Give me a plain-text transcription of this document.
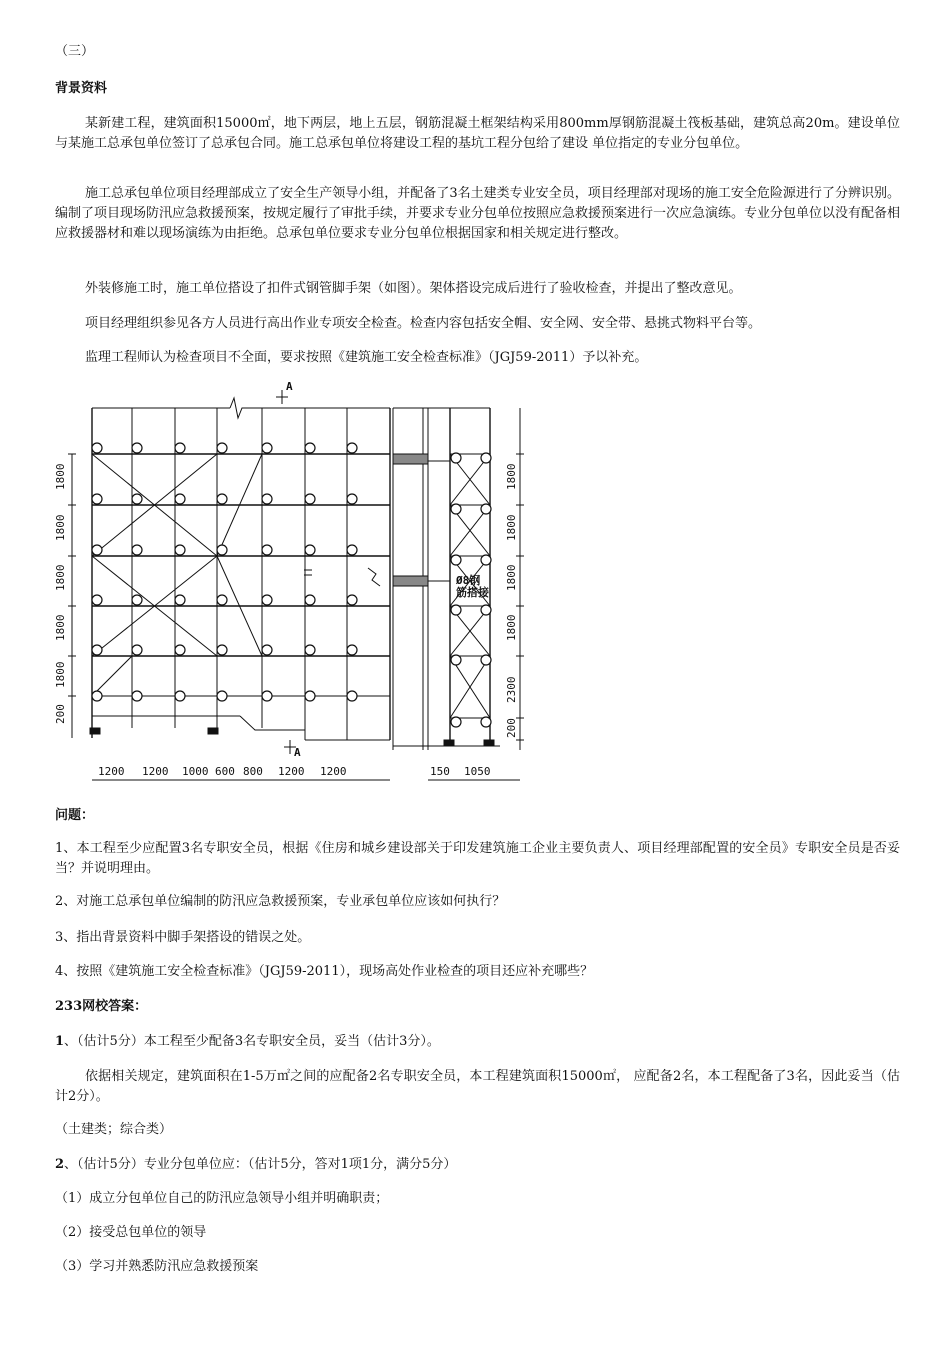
（三）
背景资料
某新建工程，建筑面积15000㎡，地下两层，地上五层，钢筋混凝土框架结构采用800mm厚钢筋混凝土筏板基础，建筑总高20m。建设单位与某施工总承包单位签订了总承包合同。施工总承包单位将建设工程的基坑工程分包给了建设 单位指定的专业分包单位。
施工总承包单位项目经理部成立了安全生产领导小组，并配备了3名土建类专业安全员，项目经理部对现场的施工安全危险源进行了分辨识别。编制了项目现场防汛应急救援预案，按规定履行了审批手续，并要求专业分包单位按照应急救援预案进行一次应急演练。专业分包单位以没有配备相应救援器材和难以现场演练为由拒绝。总承包单位要求专业分包单位根据国家和相关规定进行整改。
外装修施工时，施工单位搭设了扣件式钢管脚手架（如图）。架体搭设完成后进行了验收检查，并提出了整改意见。
项目经理组织参见各方人员进行高出作业专项安全检查。检查内容包括安全帽、安全网、安全带、悬挑式物料平台等。
监理工程师认为检查项目不全面，要求按照《建筑施工安全检查标准》（JGJ59-2011）予以补充。
A
A
1800
1800
1800
1800
1800
200
1200 1200 1000 600 800 1200 1200
1800
1800
1800
1800
2300
200
150 1050
Ø8钢
筋搭接
问题：
1、本工程至少应配置3名专职安全员，根据《住房和城乡建设部关于印发建筑施工企业主要负责人、项目经理部配置的安全员》专职安全员是否妥当？并说明理由。
2、对施工总承包单位编制的防汛应急救援预案，专业承包单位应该如何执行？
3、指出背景资料中脚手架搭设的错误之处。
4、按照《建筑施工安全检查标准》（JGJ59-2011），现场高处作业检查的项目还应补充哪些？
233网校答案：
1、（估计5分）本工程至少配备3名专职安全员，妥当（估计3分）。
依据相关规定，建筑面积在1-5万㎡之间的应配备2名专职安全员，本工程建筑面积15000㎡， 应配备2名，本工程配备了3名，因此妥当（估计2分）。
（土建类；综合类）
2、（估计5分）专业分包单位应：（估计5分，答对1项1分，满分5分）
（1）成立分包单位自己的防汛应急领导小组并明确职责；
（2）接受总包单位的领导
（3）学习并熟悉防汛应急救援预案
